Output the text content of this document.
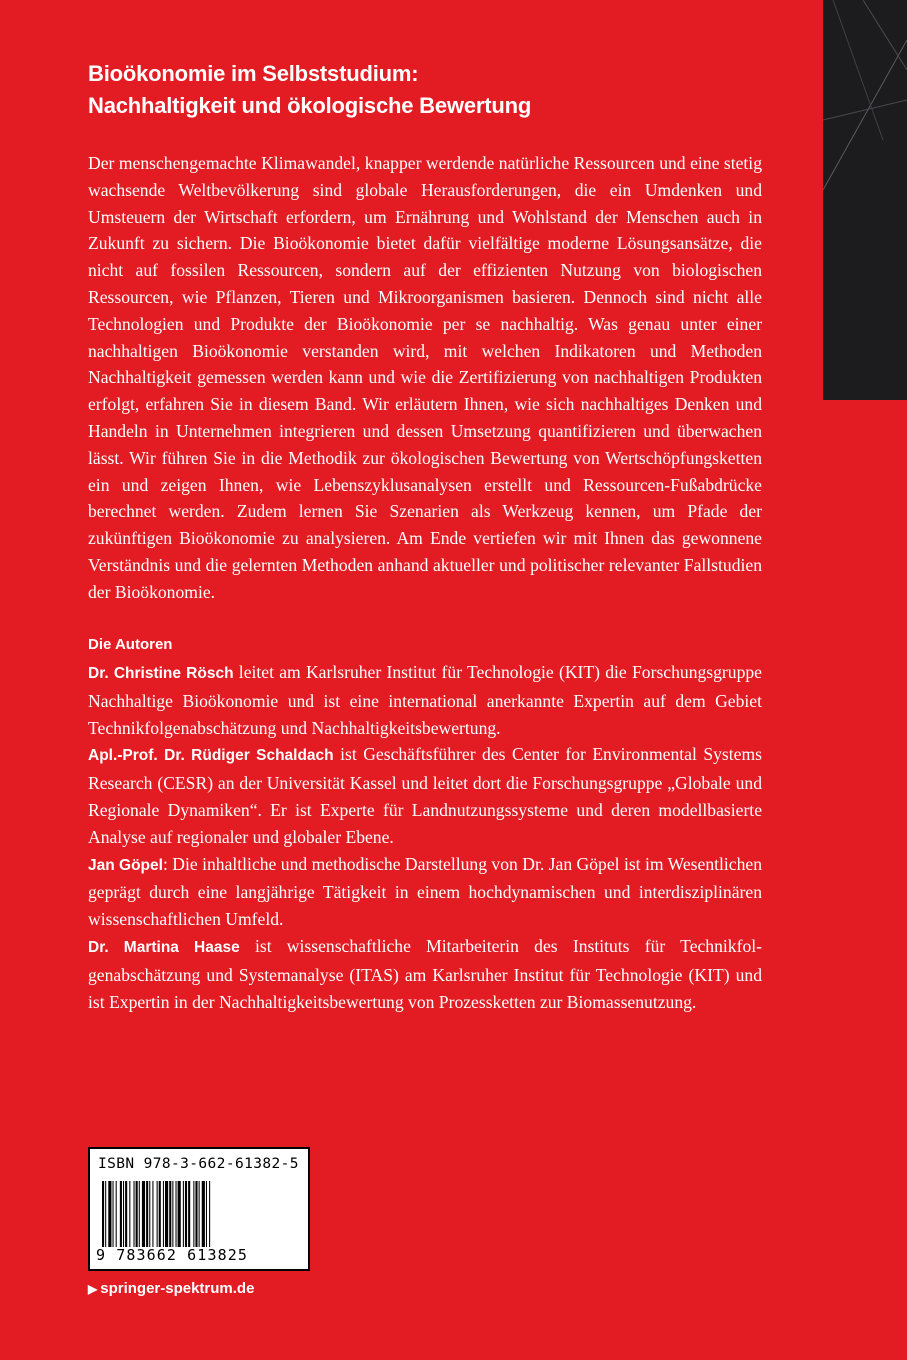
Bioökonomie im Selbststudium:
Nachhaltigkeit und ökologische Bewertung
Der menschengemachte Klimawandel, knapper werdende natürliche Ressourcen und eine stetig wachsende Weltbevölkerung sind globale Herausforderungen, die ein Umdenken und Umsteuern der Wirtschaft erfordern, um Ernährung und Wohlstand der Menschen auch in Zukunft zu sichern. Die Bioökonomie bietet dafür vielfältige moderne Lösungsansätze, die nicht auf fossilen Ressourcen, sondern auf der effizienten Nutzung von biologischen Ressourcen, wie Pflanzen, Tieren und Mikroorganismen basieren. Dennoch sind nicht alle Technologien und Produkte der Bioökonomie per se nachhaltig. Was genau unter einer nachhaltigen Bioökonomie verstanden wird, mit welchen Indikatoren und Methoden Nachhaltigkeit gemessen werden kann und wie die Zertifizierung von nachhaltigen Produkten erfolgt, erfahren Sie in diesem Band. Wir erläutern Ihnen, wie sich nachhaltiges Denken und Handeln in Unternehmen integrieren und dessen Umsetzung quantifizieren und überwachen lässt. Wir führen Sie in die Methodik zur ökologischen Bewertung von Wertschöpfungsketten ein und zeigen Ihnen, wie Lebenszyklusanalysen erstellt und Ressourcen-Fußabdrücke berechnet werden. Zudem lernen Sie Szenarien als Werkzeug kennen, um Pfade der zukünftigen Bioökonomie zu analysieren. Am Ende vertiefen wir mit Ihnen das gewonnene Verständnis und die gelernten Methoden anhand aktueller und politischer relevanter Fallstudien der Bioökonomie.
Die Autoren

Dr. Christine Rösch leitet am Karlsruher Institut für Technologie (KIT) die Forschungsgruppe Nachhaltige Bioökonomie und ist eine international anerkannte Expertin auf dem Gebiet Technikfolgenabschätzung und Nachhaltigkeitsbewertung.

Apl.-Prof. Dr. Rüdiger Schaldach ist Geschäftsführer des Center for Environmental Systems Research (CESR) an der Universität Kassel und leitet dort die Forschungsgruppe „Globale und Regionale Dynamiken“. Er ist Experte für Landnutzungssysteme und deren modellbasierte Analyse auf regionaler und globaler Ebene.

Jan Göpel: Die inhaltliche und methodische Darstellung von Dr. Jan Göpel ist im Wesentlichen geprägt durch eine langjährige Tätigkeit in einem hochdynamischen und interdisziplinären wissenschaftlichen Umfeld.

Dr. Martina Haase ist wissenschaftliche Mitarbeiterin des Instituts für Technikfolgenabschätzung und Systemanalyse (ITAS) am Karlsruher Institut für Technologie (KIT) und ist Expertin in der Nachhaltigkeitsbewertung von Prozessketten zur Biomassenutzung.

ISBN 978-3-662-61382-5
9 783662 613825
▶ springer-spektrum.de
